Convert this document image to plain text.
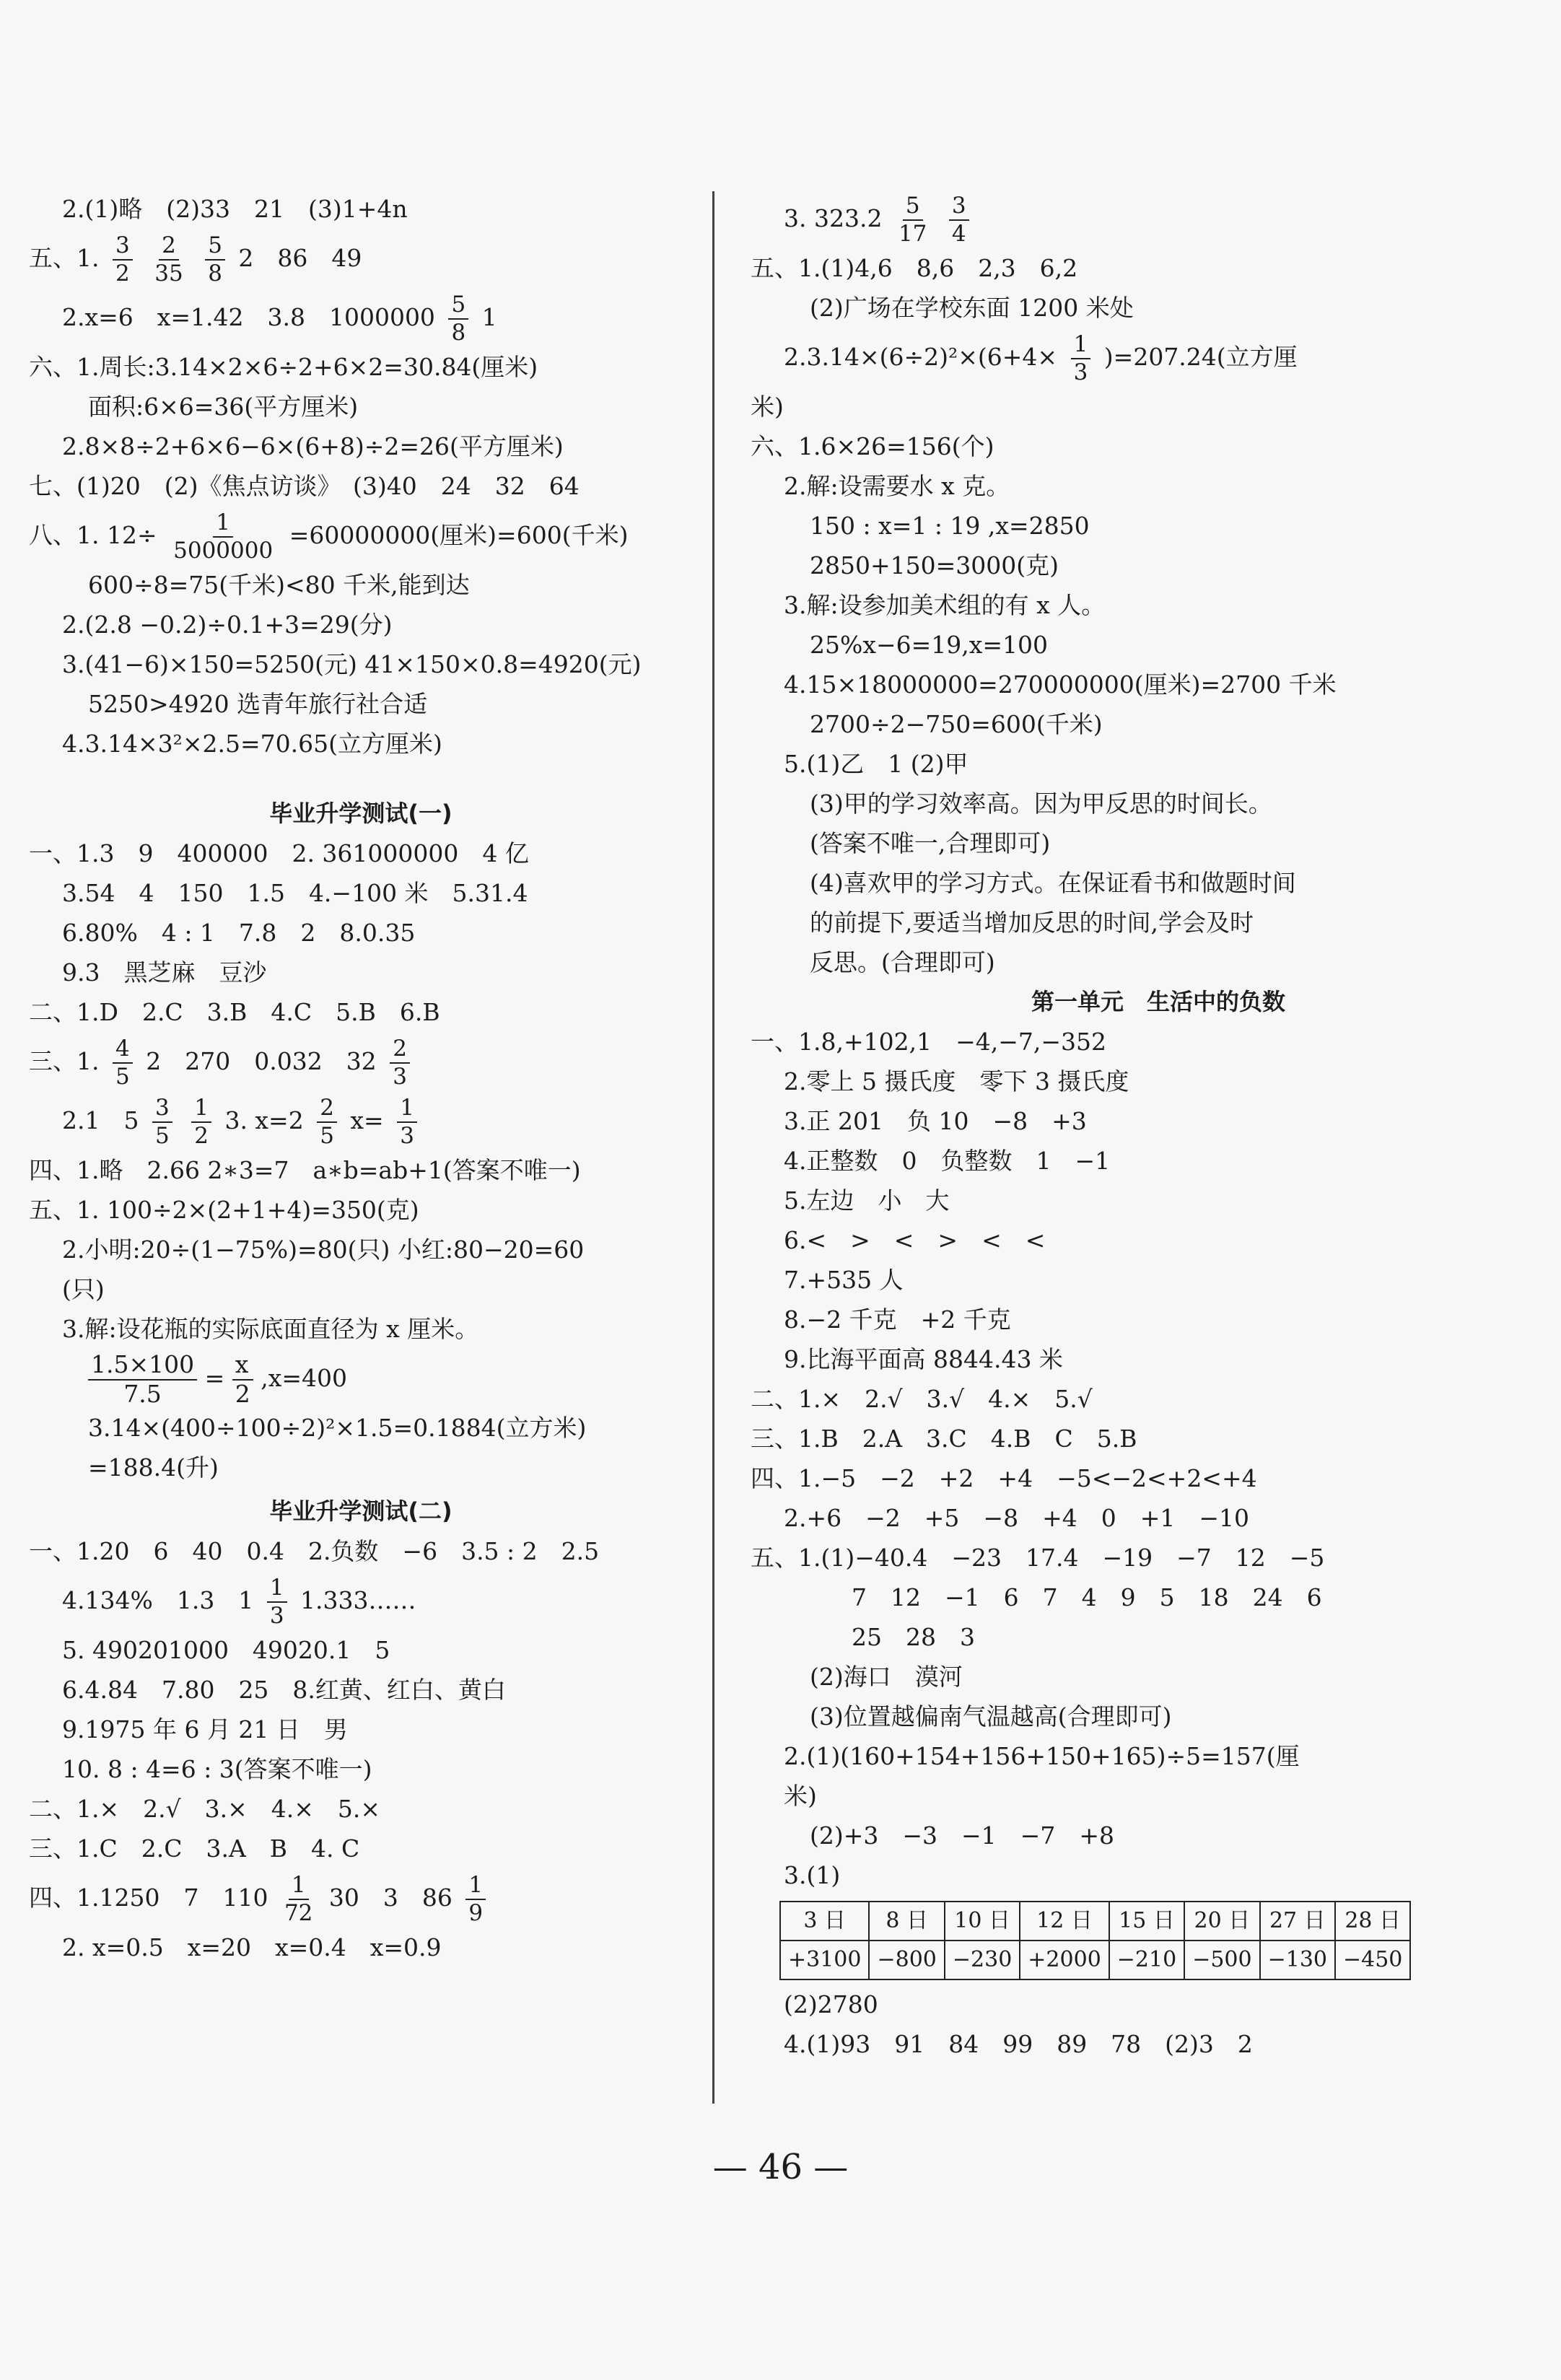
2.(1)略　(2)33　21　(3)1+4n
五、1. $\frac{3}{2}$
$\frac{2}{35}$
$\frac{5}{8} 2$　86　49
2.x=6　x=1.42　3.8　$1000000 \frac{5}{8} 1$
六、1.周长:3.14×2×6÷2+6×2=30.84(厘米)
面积:6×6=36(平方厘米)
2.8×8÷2+6×6−6×(6+8)÷2=26(平方厘米)
七、(1)20　(2)《焦点访谈》　(3)40　24　32　64
八、1. $12\div \frac{1}{5000000} =60000000$(厘米)=600(千米)
600÷8=75(千米)<80 千米,能到达
2.(2.8 −0.2)÷0.1+3=29(分)
3.(41−6)×150=5250(元) 41×150×0.8=4920(元)
5250>4920 选青年旅行社合适
4.3.14×3²×2.5=70.65(立方厘米)
毕业升学测试(一)
一、1.3　9　400000　2. 361000000　4 亿
3.54　4　150　1.5　4.−100 米　5.31.4
6.80%　4 : 1　7.8　2　8.0.35
9.3　黑芝麻　豆沙
二、1.D　2.C　3.B　4.C　5.B　6.B
三、1. $\frac{4}{5} 2$　270　0.032　$32 \frac{2}{3}$
2.1　$5 \frac{3}{5}$
$\frac{1}{2} 3$. $x=2 \frac{2}{5} x= \frac{1}{3}$
四、1.略　2.66 2∗3=7　a∗b=ab+1(答案不唯一)
五、1. 100÷2×(2+1+4)=350(克)
2.小明:20÷(1−75%)=80(只) 小红:80−20=60
(只)
3.解:设花瓶的实际底面直径为 x 厘米。
$\frac{1.5\times 100}{7.5} = \frac{x}{2} ,x=400$
3.14×(400÷100÷2)²×1.5=0.1884(立方米)
=188.4(升)
毕业升学测试(二)
一、1.20　6　40　0.4　2.负数　−6　3.5 : 2　2.5
4.134%　1.3　$1 \frac{1}{3}$ 1.333……
5. 490201000　49020.1　5
6.4.84　7.80　25　8.红黄、红白、黄白
9.1975 年 6 月 21 日　男
10. 8 : 4=6 : 3(答案不唯一)
二、1.×　2.√　3.×　4.×　5.×
三、1.C　2.C　3.A　B　4. C
四、1.1250　7　$110 \frac{1}{72} 30$　3　$86 \frac{1}{9}$
2. x=0.5　x=20　x=0.4　x=0.9
3. $323.2 \frac{5}{17}$
$\frac{3}{4}$
五、1.(1)4,6　8,6　2,3　6,2
(2)广场在学校东面 1200 米处
$2.3.14\times(6\div 2)^2\times(6+4\times \frac{1}{3} )=207.24$(立方厘
米)
六、1.6×26=156(个)
2.解:设需要水 x 克。
150 : x=1 : 19 ,x=2850
2850+150=3000(克)
3.解:设参加美术组的有 x 人。
25%x−6=19,x=100
4.15×18000000=270000000(厘米)=2700 千米
2700÷2−750=600(千米)
5.(1)乙　1 (2)甲
(3)甲的学习效率高。因为甲反思的时间长。
(答案不唯一,合理即可)
(4)喜欢甲的学习方式。在保证看书和做题时间
的前提下,要适当增加反思的时间,学会及时
反思。(合理即可)
第一单元　生活中的负数
一、1.8,+102,1　−4,−7,−352
2.零上 5 摄氏度　零下 3 摄氏度
3.正 201　负 10　−8　+3
4.正整数　0　负整数　1　−1
5.左边　小　大
6.<　>　<　>　<　<
7.+535 人
8.−2 千克　+2 千克
9.比海平面高 8844.43 米
二、1.×　2.√　3.√　4.×　5.√
三、1.B　2.A　3.C　4.B　C　5.B
四、1.−5　−2　+2　+4　−5<−2<+2<+4
2.+6　−2　+5　−8　+4　0　+1　−10
五、1.(1)−40.4　−23　17.4　−19　−7　12　−5
7　12　−1　6　7　4　9　5　18　24　6
25　28　3
(2)海口　漠河
(3)位置越偏南气温越高(合理即可)
2.(1)(160+154+156+150+165)÷5=157(厘
米)
(2)+3　−3　−1　−7　+8
3.(1)
3 日	8 日	10 日	12 日	15 日	20 日	27 日	28 日
+3100	−800	−230	+2000	−210	−500	−130	−450
(2)2780
4.(1)93　91　84　99　89　78　(2)3　2
— 46 —
